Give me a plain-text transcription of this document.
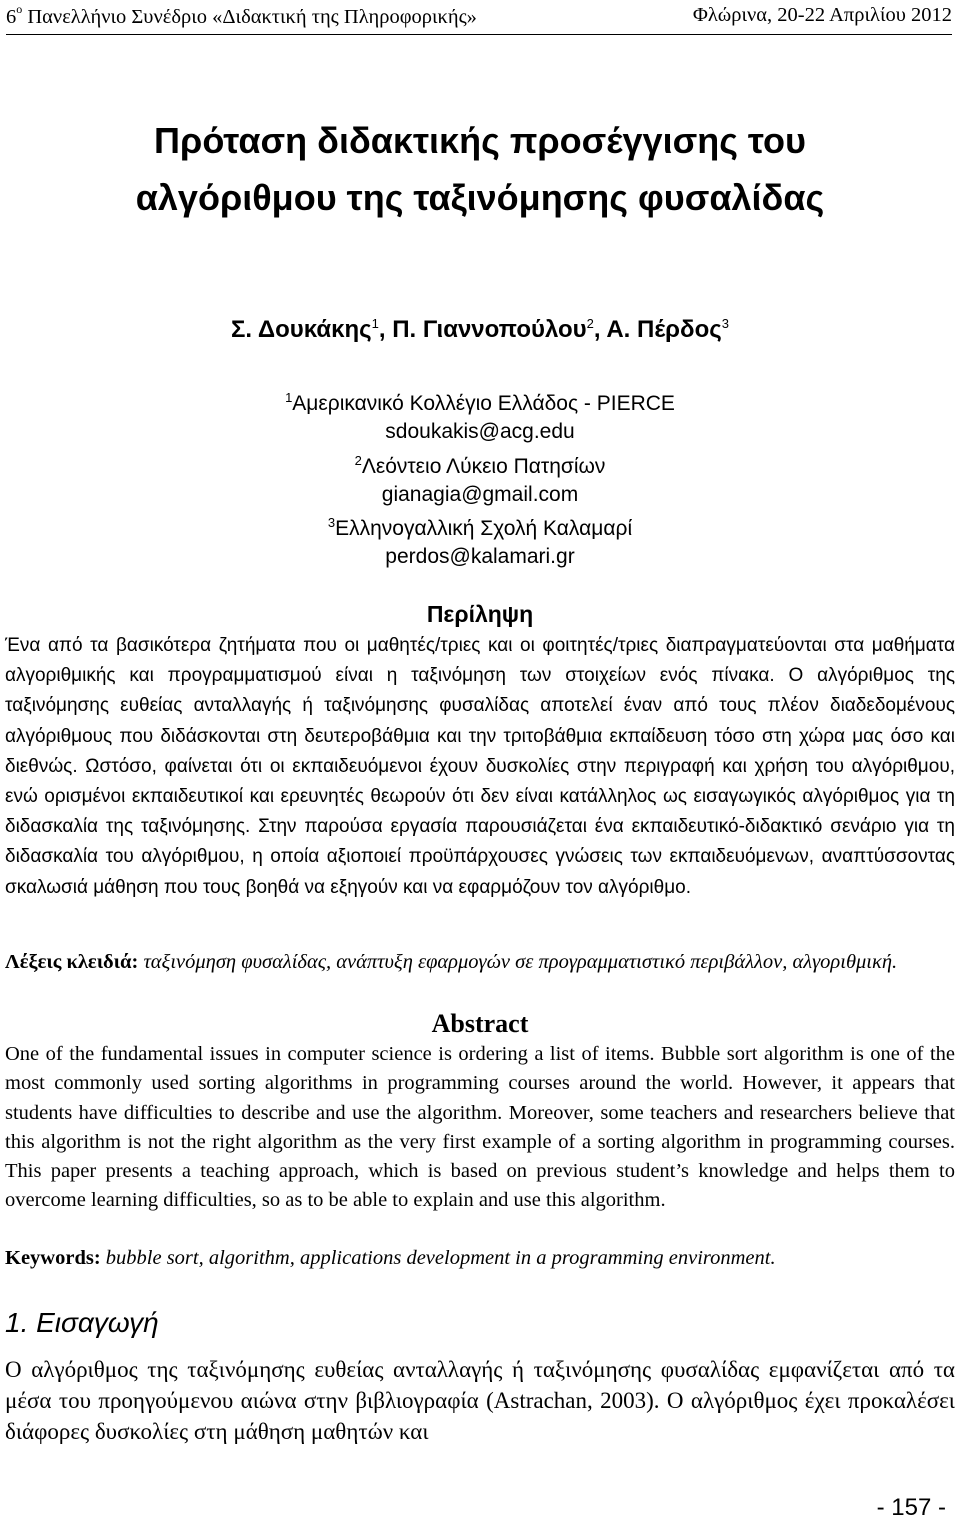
$6^o$ Πανελλήνιο Συνέδριο «Διδακτική της Πληροφορικής»	Φλώρινα, 20-22 Απριλίου 2012
Πρόταση διδακτικής προσέγγισης του
αλγόριθμου της ταξινόμησης φυσαλίδας
Σ. Δουκάκης$^1$, Π. Γιαννοπούλου$^2$, Α. Πέρδος$^3$
$^1$Αμερικανικό Κολλέγιο Ελλάδος - PIERCE
sdoukakis@acg.edu
$^2$Λεόντειο Λύκειο Πατησίων
gianagia@gmail.com
$^3$Ελληνογαλλική Σχολή Καλαμαρί
perdos@kalamari.gr
Περίληψη

Ένα από τα βασικότερα ζητήματα που οι μαθητές/τριες και οι φοιτητές/τριες διαπραγματεύονται στα μαθήματα αλγοριθμικής και προγραμματισμού είναι η ταξινόμηση των στοιχείων ενός πίνακα. Ο αλγόριθμος της ταξινόμησης ευθείας ανταλλαγής ή ταξινόμησης φυσαλίδας αποτελεί έναν από τους πλέον διαδεδομένους αλγόριθμους που διδάσκονται στη δευτεροβάθμια και την τριτοβάθμια εκπαίδευση τόσο στη χώρα μας όσο και διεθνώς. Ωστόσο, φαίνεται ότι οι εκπαιδευόμενοι έχουν δυσκολίες στην περιγραφή και χρήση του αλγόριθμου, ενώ ορισμένοι εκπαιδευτικοί και ερευνητές θεωρούν ότι δεν είναι κατάλληλος ως εισαγωγικός αλγόριθμος για τη διδασκαλία της ταξινόμησης. Στην παρούσα εργασία παρουσιάζεται ένα εκπαιδευτικό-διδακτικό σενάριο για τη διδασκαλία του αλγόριθμου, η οποία αξιοποιεί προϋπάρχουσες γνώσεις των εκπαιδευόμενων, αναπτύσσοντας σκαλωσιά μάθηση που τους βοηθά να εξηγούν και να εφαρμόζουν τον αλγόριθμο.

Λέξεις κλειδιά: ταξινόμηση φυσαλίδας, ανάπτυξη εφαρμογών σε προγραμματιστικό περιβάλλον, αλγοριθμική.

Abstract

One of the fundamental issues in computer science is ordering a list of items. Bubble sort algorithm is one of the most commonly used sorting algorithms in programming courses around the world. However, it appears that students have difficulties to describe and use the algorithm. Moreover, some teachers and researchers believe that this algorithm is not the right algorithm as the very first example of a sorting algorithm in programming courses. This paper presents a teaching approach, which is based on previous student’s knowledge and helps them to overcome learning difficulties, so as to be able to explain and use this algorithm.

Keywords: bubble sort, algorithm, applications development in a programming environment.

1. Εισαγωγή

Ο αλγόριθμος της ταξινόμησης ευθείας ανταλλαγής ή ταξινόμησης φυσαλίδας εμφανίζεται από τα μέσα του προηγούμενου αιώνα στην βιβλιογραφία (Astrachan, 2003). Ο αλγόριθμος έχει προκαλέσει διάφορες δυσκολίες στη μάθηση μαθητών και

- 157 -
